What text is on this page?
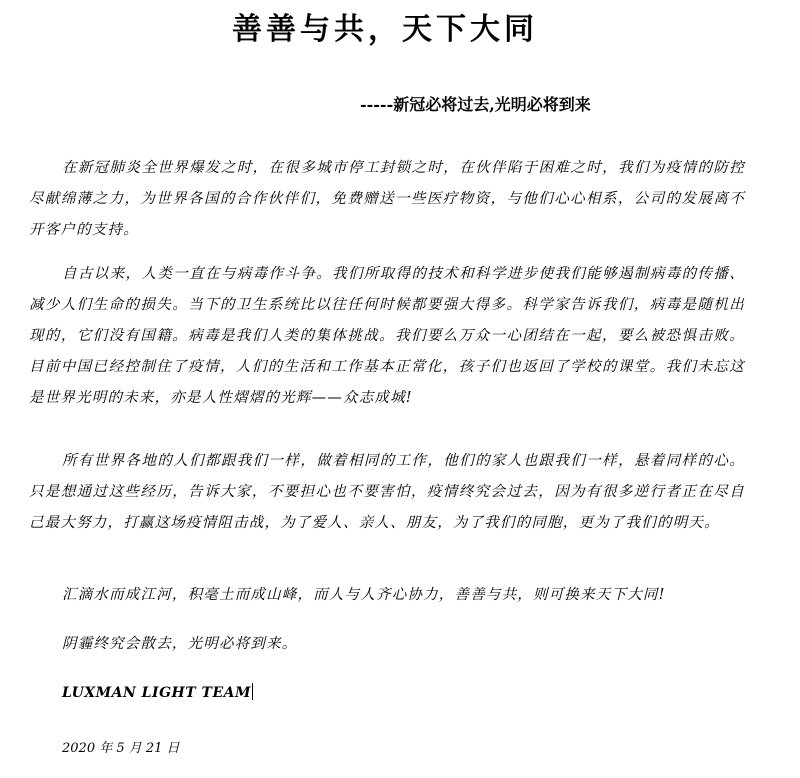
善善与共，天下大同

-----新冠必将过去,光明必将到来

在新冠肺炎全世界爆发之时，在很多城市停工封锁之时，在伙伴陷于困难之时，我们为疫情的防控尽献绵薄之力，为世界各国的合作伙伴们，免费赠送一些医疗物资，与他们心心相系，公司的发展离不开客户的支持。

自古以来，人类一直在与病毒作斗争。我们所取得的技术和科学进步使我们能够遏制病毒的传播、减少人们生命的损失。当下的卫生系统比以往任何时候都要强大得多。科学家告诉我们，病毒是随机出现的，它们没有国籍。病毒是我们人类的集体挑战。我们要么万众一心团结在一起，要么被恐惧击败。目前中国已经控制住了疫情，人们的生活和工作基本正常化，孩子们也返回了学校的课堂。我们未忘这是世界光明的未来，亦是人性熠熠的光辉——众志成城!

所有世界各地的人们都跟我们一样，做着相同的工作，他们的家人也跟我们一样，悬着同样的心。只是想通过这些经历，告诉大家，不要担心也不要害怕，疫情终究会过去，因为有很多逆行者正在尽自己最大努力，打赢这场疫情阻击战，为了爱人、亲人、朋友，为了我们的同胞，更为了我们的明天。

汇滴水而成江河，积毫土而成山峰，而人与人齐心协力，善善与共，则可换来天下大同!

阴霾终究会散去，光明必将到来。

LUXMAN LIGHT TEAM

2020 年 5 月 21 日
